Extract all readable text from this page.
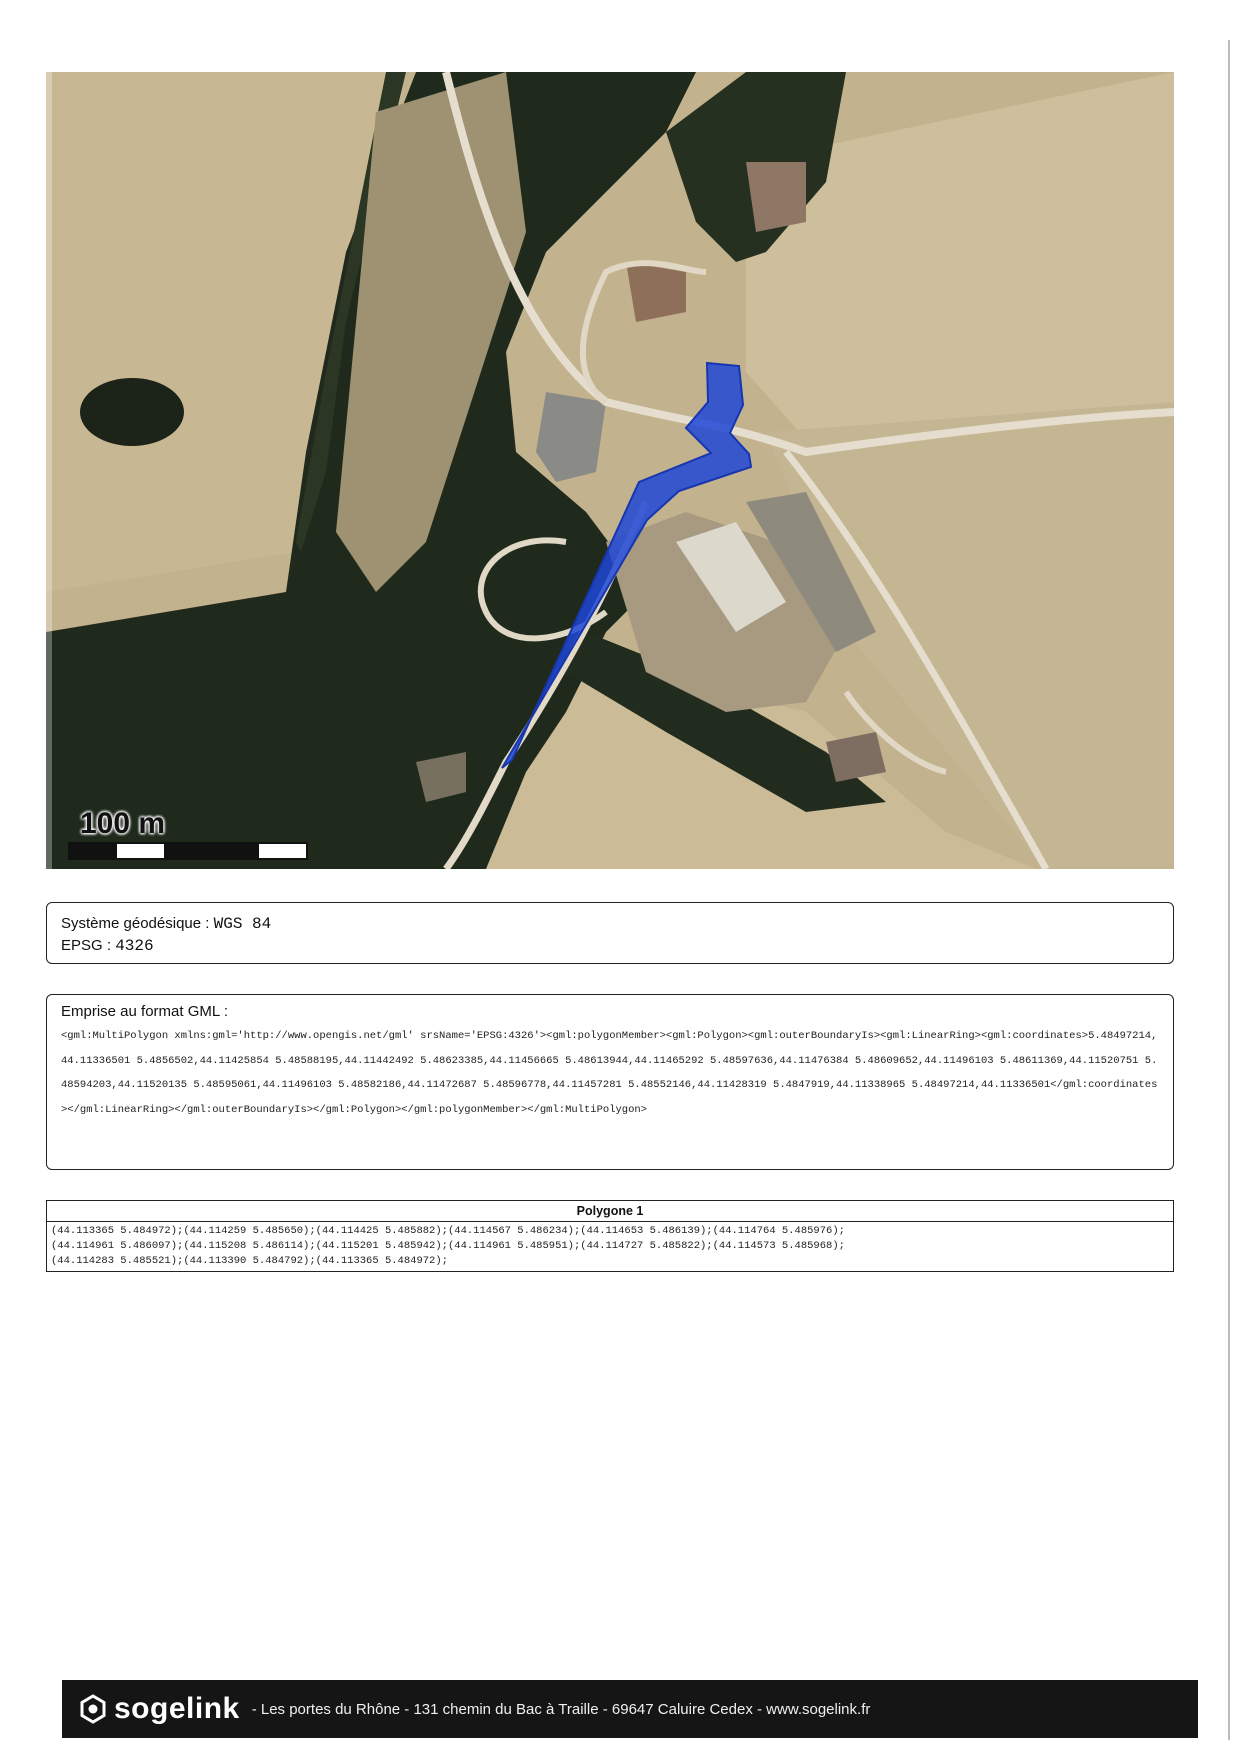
100 m
Système géodésique : WGS 84
EPSG : 4326
Emprise au format GML :
<gml:MultiPolygon xmlns:gml='http://www.opengis.net/gml' srsName='EPSG:4326'><gml:polygonMember><gml:Polygon><gml:outerBoundaryIs><gml:LinearRing><gml:coordinates>5.48497214,44.11336501 5.4856502,44.11425854 5.48588195,44.11442492 5.48623385,44.11456665 5.48613944,44.11465292 5.48597636,44.11476384 5.48609652,44.11496103 5.48611369,44.11520751 5.48594203,44.11520135 5.48595061,44.11496103 5.48582186,44.11472687 5.48596778,44.11457281 5.48552146,44.11428319 5.4847919,44.11338965 5.48497214,44.11336501</gml:coordinates></gml:LinearRing></gml:outerBoundaryIs></gml:Polygon></gml:polygonMember></gml:MultiPolygon>
Polygone 1

(44.113365 5.484972);(44.114259 5.485650);(44.114425 5.485882);(44.114567 5.486234);(44.114653 5.486139);(44.114764 5.485976);
(44.114961 5.486097);(44.115208 5.486114);(44.115201 5.485942);(44.114961 5.485951);(44.114727 5.485822);(44.114573 5.485968);
(44.114283 5.485521);(44.113390 5.484792);(44.113365 5.484972);
sogelink - Les portes du Rhône - 131 chemin du Bac à Traille - 69647 Caluire Cedex - www.sogelink.fr
